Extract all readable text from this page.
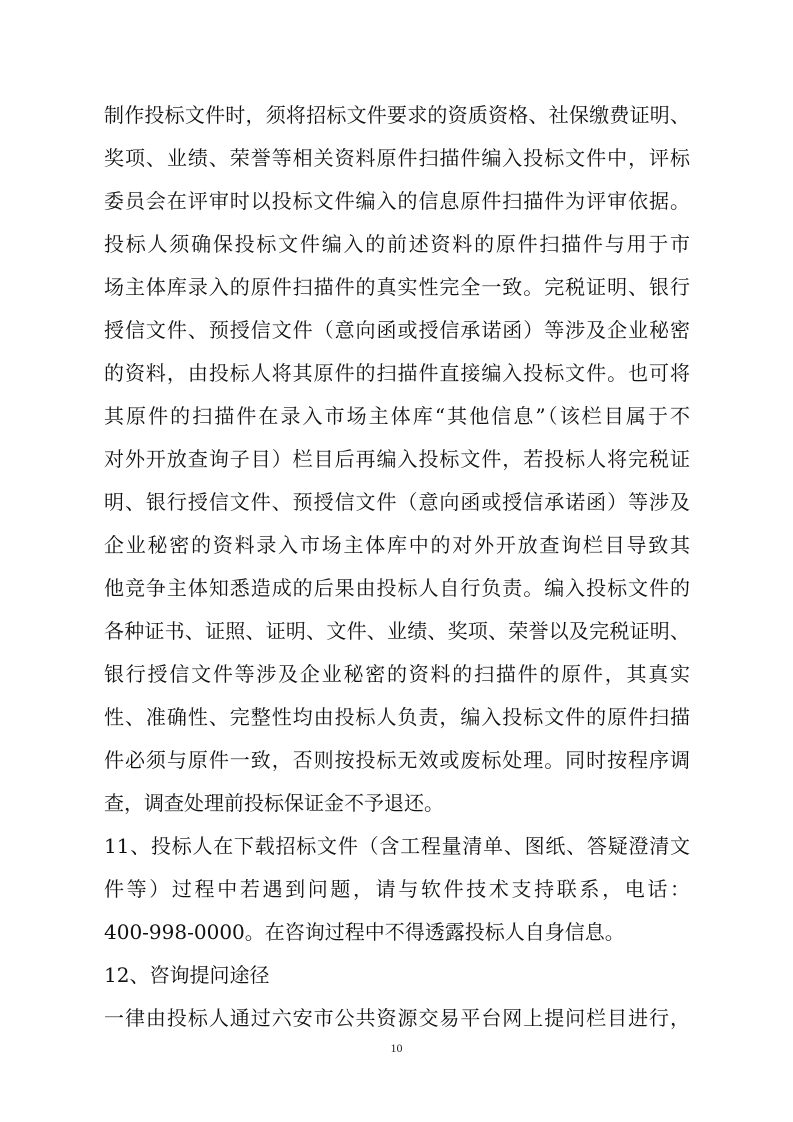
制作投标文件时，须将招标文件要求的资质资格、社保缴费证明、
奖项、业绩、荣誉等相关资料原件扫描件编入投标文件中，评标
委员会在评审时以投标文件编入的信息原件扫描件为评审依据。
投标人须确保投标文件编入的前述资料的原件扫描件与用于市
场主体库录入的原件扫描件的真实性完全一致。完税证明、银行
授信文件、预授信文件（意向函或授信承诺函）等涉及企业秘密
的资料，由投标人将其原件的扫描件直接编入投标文件。也可将
其原件的扫描件在录入市场主体库“其他信息”（该栏目属于不
对外开放查询子目）栏目后再编入投标文件，若投标人将完税证
明、银行授信文件、预授信文件（意向函或授信承诺函）等涉及
企业秘密的资料录入市场主体库中的对外开放查询栏目导致其
他竞争主体知悉造成的后果由投标人自行负责。编入投标文件的
各种证书、证照、证明、文件、业绩、奖项、荣誉以及完税证明、
银行授信文件等涉及企业秘密的资料的扫描件的原件，其真实
性、准确性、完整性均由投标人负责，编入投标文件的原件扫描
件必须与原件一致，否则按投标无效或废标处理。同时按程序调
查，调查处理前投标保证金不予退还。
11、投标人在下载招标文件（含工程量清单、图纸、答疑澄清文
件等）过程中若遇到问题，请与软件技术支持联系，电话：
400-998-0000。在咨询过程中不得透露投标人自身信息。
12、咨询提问途径
一律由投标人通过六安市公共资源交易平台网上提问栏目进行，
10
